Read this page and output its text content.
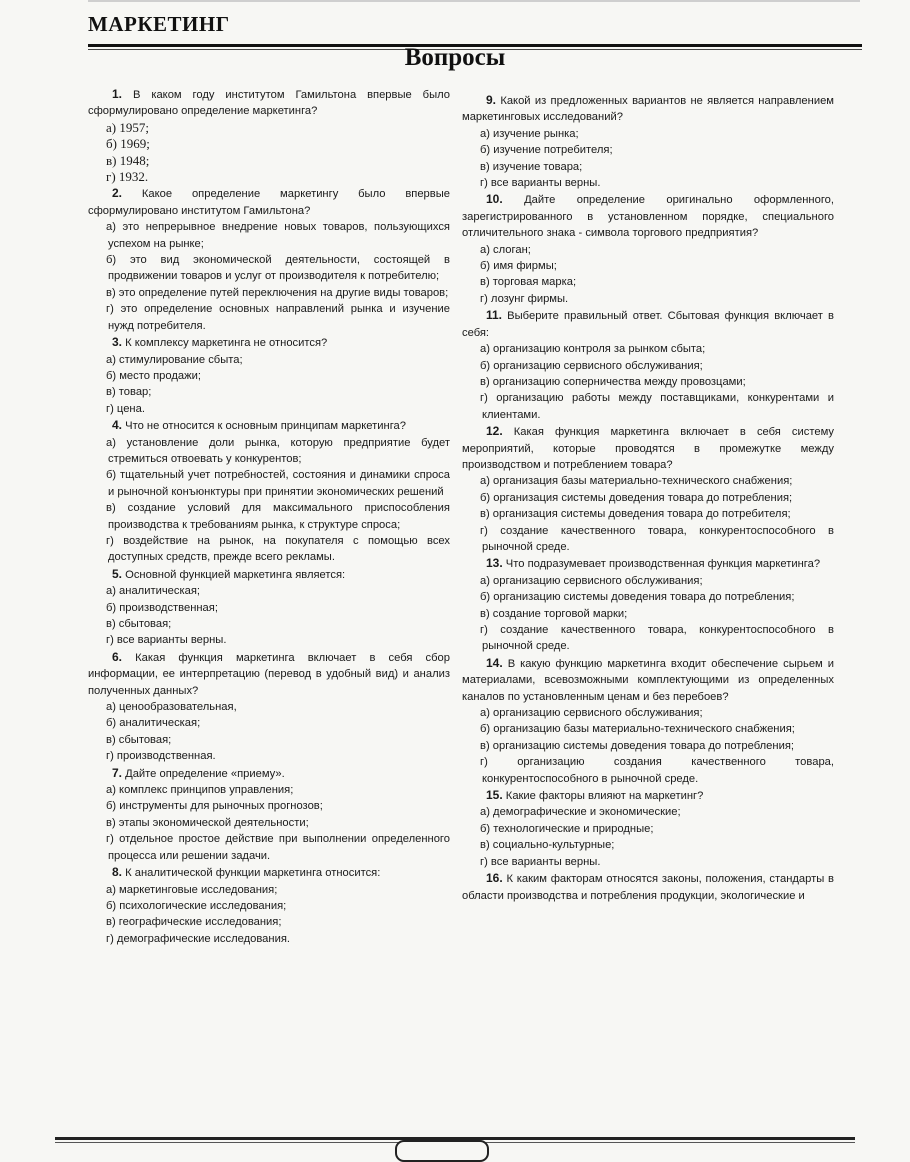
МАРКЕТИНГ
Вопросы

1. В каком году институтом Гамильтона впервые было сформулировано определение маркетинга?

а) 1957;

б) 1969;

в) 1948;

г) 1932.

2. Какое определение маркетингу было впервые сформулировано институтом Гамильтона?

а) это непрерывное внедрение новых товаров, пользующихся успехом на рынке;

б) это вид экономической деятельности, состоящей в продвижении товаров и услуг от производителя к потребителю;

в) это определение путей переключения на другие виды товаров;

г) это определение основных направлений рынка и изучение нужд потребителя.

3. К комплексу маркетинга не относится?

а) стимулирование сбыта;

б) место продажи;

в) товар;

г) цена.

4. Что не относится к основным принципам маркетинга?

а) установление доли рынка, которую предприятие будет стремиться отвоевать у конкурентов;

б) тщательный учет потребностей, состояния и динамики спроса и рыночной конъюнктуры при принятии экономических решений

в) создание условий для максимального приспособления производства к требованиям рынка, к структуре спроса;

г) воздействие на рынок, на покупателя с помощью всех доступных средств, прежде всего рекламы.

5. Основной функцией маркетинга является:

а) аналитическая;

б) производственная;

в) сбытовая;

г) все варианты верны.

6. Какая функция маркетинга включает в себя сбор информации, ее интерпретацию (перевод в удобный вид) и анализ полученных данных?

а) ценообразовательная,

б) аналитическая;

в) сбытовая;

г) производственная.

7. Дайте определение «приему».

а) комплекс принципов управления;

б) инструменты для рыночных прогнозов;

в) этапы экономической деятельности;

г) отдельное простое действие при выполнении определенного процесса или решении задачи.

8. К аналитической функции маркетинга относится:

а) маркетинговые исследования;

б) психологические исследования;

в) географические исследования;

г) демографические исследования.

9. Какой из предложенных вариантов не является направлением маркетинговых исследований?

а) изучение рынка;

б) изучение потребителя;

в) изучение товара;

г) все варианты верны.

10. Дайте определение оригинально оформленного, зарегистрированного в установленном порядке, специального отличительного знака - символа торгового предприятия?

а) слоган;

б) имя фирмы;

в) торговая марка;

г) лозунг фирмы.

11. Выберите правильный ответ. Сбытовая функция включает в себя:

а) организацию контроля за рынком сбыта;

б) организацию сервисного обслуживания;

в) организацию соперничества между провозцами;

г) организацию работы между поставщиками, конкурентами и клиентами.

12. Какая функция маркетинга включает в себя систему мероприятий, которые проводятся в промежутке между производством и потреблением товара?

а) организация базы материально-технического снабжения;

б) организация системы доведения товара до потребления;

в) организация системы доведения товара до потребителя;

г) создание качественного товара, конкурентоспособного в рыночной среде.

13. Что подразумевает производственная функция маркетинга?

а) организацию сервисного обслуживания;

б) организацию системы доведения товара до потребления;

в) создание торговой марки;

г) создание качественного товара, конкурентоспособного в рыночной среде.

14. В какую функцию маркетинга входит обеспечение сырьем и материалами, всевозможными комплектующими из определенных каналов по установленным ценам и без перебоев?

а) организацию сервисного обслуживания;

б) организацию базы материально-технического снабжения;

в) организацию системы доведения товара до потребления;

г) организацию создания качественного товара, конкурентоспособного в рыночной среде.

15. Какие факторы влияют на маркетинг?

а) демографические и экономические;

б) технологические и природные;

в) социально-культурные;

г) все варианты верны.

16. К каким факторам относятся законы, положения, стандарты в области производства и потребления продукции, экологические и
